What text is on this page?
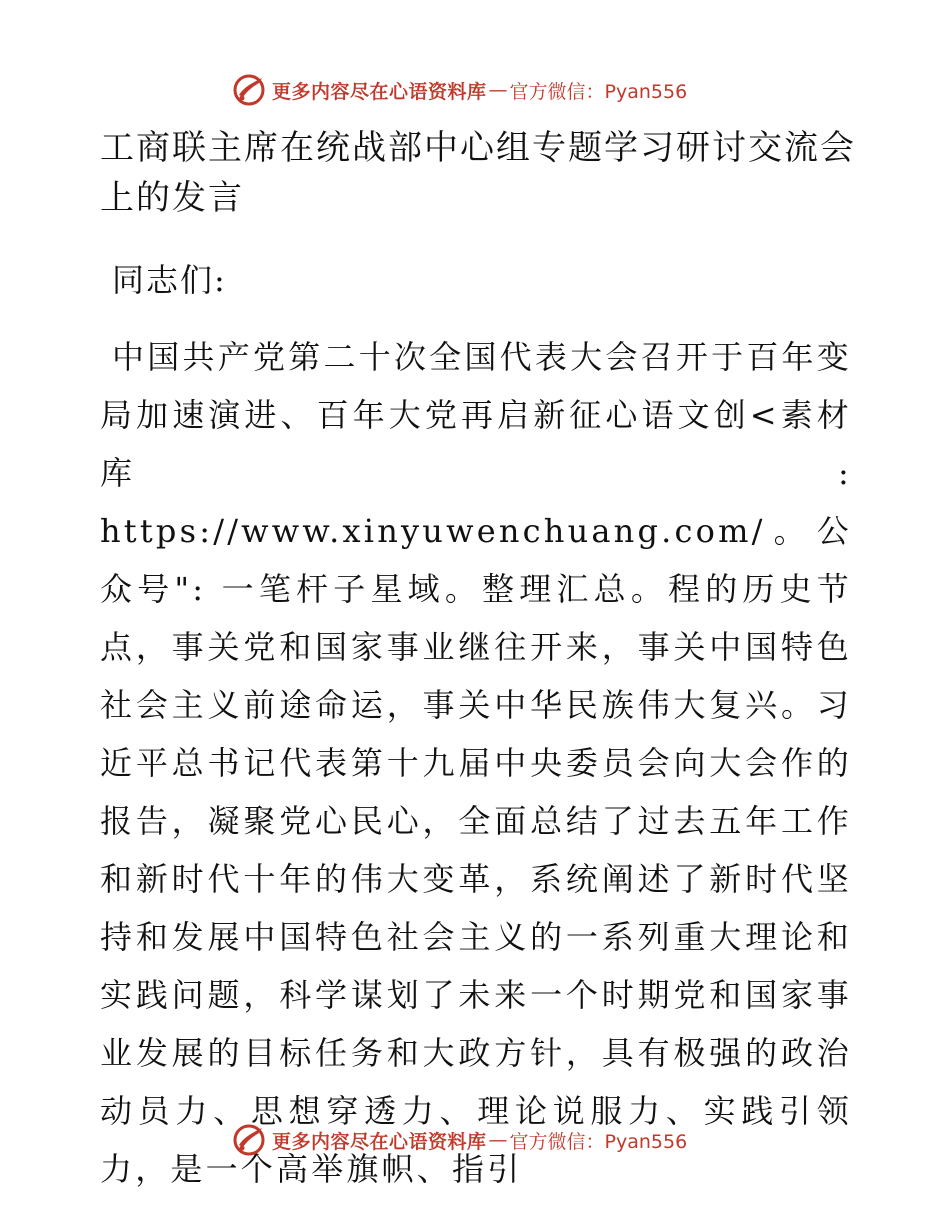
更多内容尽在心语资料库 — 官方微信：Pyan556
工商联主席在统战部中心组专题学习研讨交流会上的发言

同志们:

中国共产党第二十次全国代表大会召开于百年变局加速演进、百年大党再启新征心语文创<素材库: https://www.xinyuwenchuang.com/。公众号": 一笔杆子星域。整理汇总。程的历史节点，事关党和国家事业继往开来，事关中国特色社会主义前途命运，事关中华民族伟大复兴。习近平总书记代表第十九届中央委员会向大会作的报告，凝聚党心民心，全面总结了过去五年工作和新时代十年的伟大变革，系统阐述了新时代坚持和发展中国特色社会主义的一系列重大理论和实践问题，科学谋划了未来一个时期党和国家事业发展的目标任务和大政方针，具有极强的政治动员力、思想穿透力、理论说服力、实践引领力，是一个高举旗帜、指引

更多内容尽在心语资料库 — 官方微信：Pyan556
